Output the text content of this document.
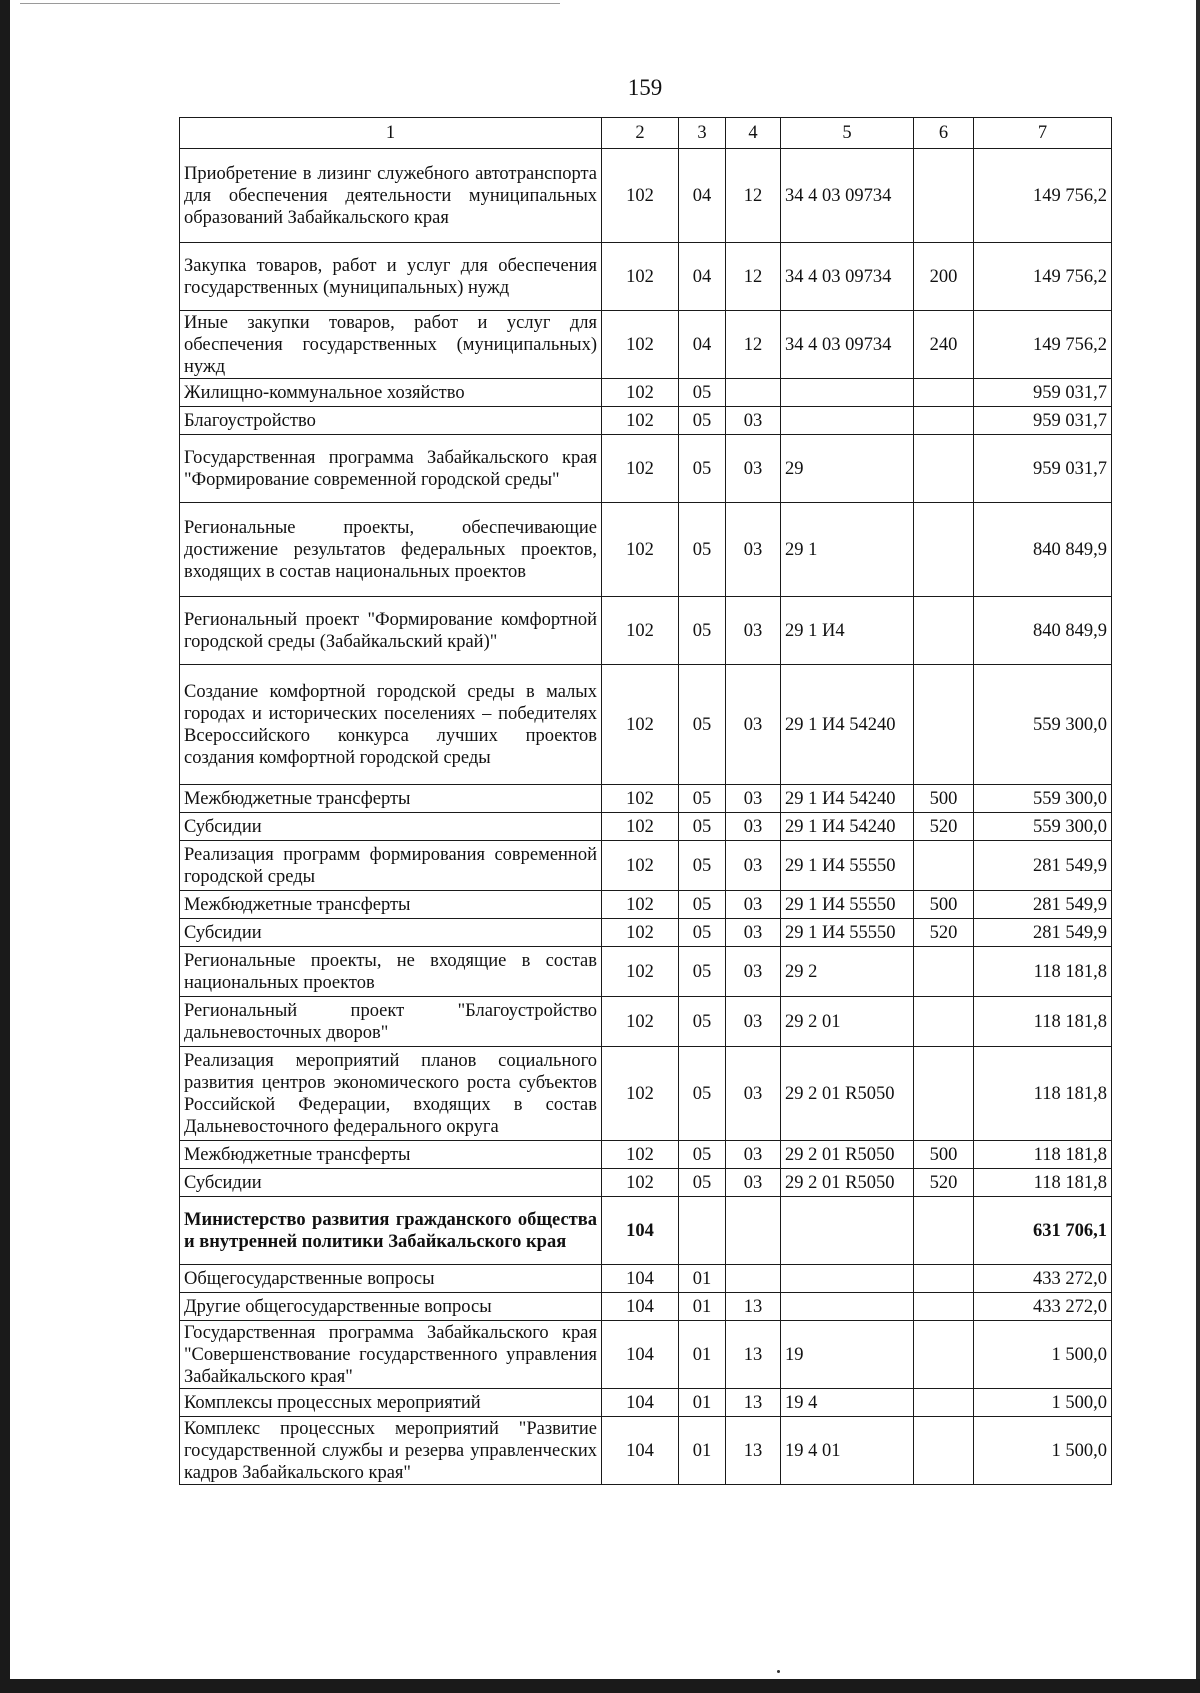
159
1	2	3	4	5	6	7
Приобретение в лизинг служебного автотранспорта для обеспечения деятельности муниципальных образований Забайкальского края	102	04	12	34 4 03 09734		149 756,2
Закупка товаров, работ и услуг для обеспечения государственных (муниципальных) нужд	102	04	12	34 4 03 09734	200	149 756,2
Иные закупки товаров, работ и услуг для обеспечения государственных (муниципальных) нужд	102	04	12	34 4 03 09734	240	149 756,2
Жилищно-коммунальное хозяйство	102	05				959 031,7
Благоустройство	102	05	03			959 031,7
Государственная программа Забайкальского края "Формирование современной городской среды"	102	05	03	29		959 031,7
Региональные проекты, обеспечивающие достижение результатов федеральных проектов, входящих в состав национальных проектов	102	05	03	29 1		840 849,9
Региональный проект "Формирование комфортной городской среды (Забайкальский край)"	102	05	03	29 1 И4		840 849,9
Создание комфортной городской среды в малых городах и исторических поселениях – победителях Всероссийского конкурса лучших проектов создания комфортной городской среды	102	05	03	29 1 И4 54240		559 300,0
Межбюджетные трансферты	102	05	03	29 1 И4 54240	500	559 300,0
Субсидии	102	05	03	29 1 И4 54240	520	559 300,0
Реализация программ формирования современной городской среды	102	05	03	29 1 И4 55550		281 549,9
Межбюджетные трансферты	102	05	03	29 1 И4 55550	500	281 549,9
Субсидии	102	05	03	29 1 И4 55550	520	281 549,9
Региональные проекты, не входящие в состав национальных проектов	102	05	03	29 2		118 181,8
Региональный проект "Благоустройство дальневосточных дворов"	102	05	03	29 2 01		118 181,8
Реализация мероприятий планов социального развития центров экономического роста субъектов Российской Федерации, входящих в состав Дальневосточного федерального округа	102	05	03	29 2 01 R5050		118 181,8
Межбюджетные трансферты	102	05	03	29 2 01 R5050	500	118 181,8
Субсидии	102	05	03	29 2 01 R5050	520	118 181,8
Министерство развития гражданского общества и внутренней политики Забайкальского края	104					631 706,1
Общегосударственные вопросы	104	01				433 272,0
Другие общегосударственные вопросы	104	01	13			433 272,0
Государственная программа Забайкальского края "Совершенствование государственного управления Забайкальского края"	104	01	13	19		1 500,0
Комплексы процессных мероприятий	104	01	13	19 4		1 500,0
Комплекс процессных мероприятий "Развитие государственной службы и резерва управленческих кадров Забайкальского края"	104	01	13	19 4 01		1 500,0
